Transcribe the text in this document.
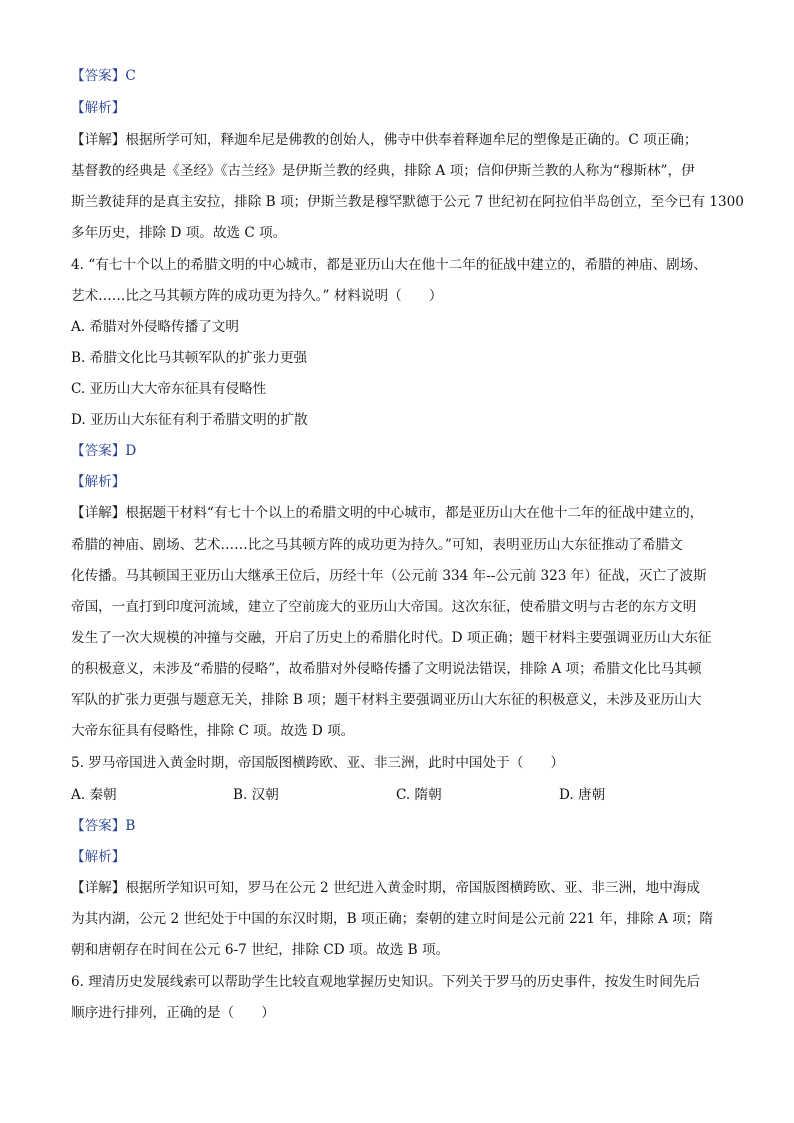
【答案】C
【解析】
【详解】根据所学可知，释迦牟尼是佛教的创始人，佛寺中供奉着释迦牟尼的塑像是正确的。C 项正确；
基督教的经典是《圣经》《古兰经》是伊斯兰教的经典，排除 A 项；信仰伊斯兰教的人称为“穆斯林”，伊
斯兰教徒拜的是真主安拉，排除 B 项；伊斯兰教是穆罕默德于公元 7 世纪初在阿拉伯半岛创立，至今已有 1300
多年历史，排除 D 项。故选 C 项。
4. “有七十个以上的希腊文明的中心城市，都是亚历山大在他十二年的征战中建立的，希腊的神庙、剧场、
艺术……比之马其顿方阵的成功更为持久。” 材料说明（　　）
A. 希腊对外侵略传播了文明
B. 希腊文化比马其顿军队的扩张力更强
C. 亚历山大大帝东征具有侵略性
D. 亚历山大东征有利于希腊文明的扩散
【答案】D
【解析】
【详解】根据题干材料“有七十个以上的希腊文明的中心城市，都是亚历山大在他十二年的征战中建立的，
希腊的神庙、剧场、艺术……比之马其顿方阵的成功更为持久。”可知，表明亚历山大东征推动了希腊文
化传播。马其顿国王亚历山大继承王位后，历经十年（公元前 334 年--公元前 323 年）征战，灭亡了波斯
帝国，一直打到印度河流域，建立了空前庞大的亚历山大帝国。这次东征，使希腊文明与古老的东方文明
发生了一次大规模的冲撞与交融，开启了历史上的希腊化时代。D 项正确；题干材料主要强调亚历山大东征
的积极意义，未涉及“希腊的侵略”，故希腊对外侵略传播了文明说法错误，排除 A 项；希腊文化比马其顿
军队的扩张力更强与题意无关，排除 B 项；题干材料主要强调亚历山大东征的积极意义，未涉及亚历山大
大帝东征具有侵略性，排除 C 项。故选 D 项。
5. 罗马帝国进入黄金时期，帝国版图横跨欧、亚、非三洲，此时中国处于（　　）
A. 秦朝	B. 汉朝	C. 隋朝	D. 唐朝
【答案】B
【解析】
【详解】根据所学知识可知，罗马在公元 2 世纪进入黄金时期，帝国版图横跨欧、亚、非三洲，地中海成
为其内湖，公元 2 世纪处于中国的东汉时期，B 项正确；秦朝的建立时间是公元前 221 年，排除 A 项；隋
朝和唐朝存在时间在公元 6-7 世纪，排除 CD 项。故选 B 项。
6. 理清历史发展线索可以帮助学生比较直观地掌握历史知识。下列关于罗马的历史事件，按发生时间先后
顺序进行排列，正确的是（　　）
